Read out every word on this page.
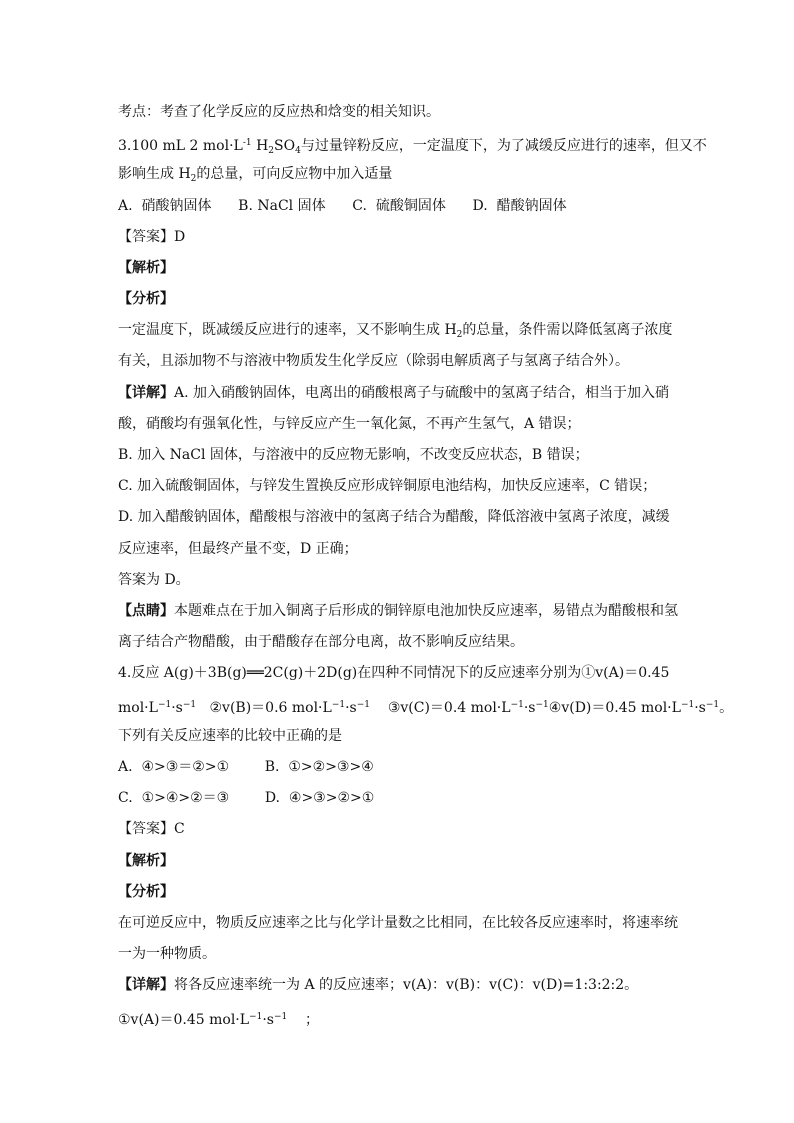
考点：考查了化学反应的反应热和焓变的相关知识。
3.100 mL 2 $mol\cdot L^{-1}$ $H_2SO_4$与过量锌粉反应，一定温度下，为了减缓反应进行的速率，但又不
影响生成 $H_2$的总量，可向反应物中加入适量
A.  硝酸钠固体      B. NaCl 固体      C.  硫酸铜固体      D.  醋酸钠固体
【答案】D
【解析】
【分析】
一定温度下，既减缓反应进行的速率，又不影响生成 $H_2$的总量，条件需以降低氢离子浓度
有关，且添加物不与溶液中物质发生化学反应（除弱电解质离子与氢离子结合外）。
【详解】A. 加入硝酸钠固体，电离出的硝酸根离子与硫酸中的氢离子结合，相当于加入硝
酸，硝酸均有强氧化性，与锌反应产生一氧化氮，不再产生氢气，A 错误；
B. 加入 NaCl 固体，与溶液中的反应物无影响，不改变反应状态，B 错误；
C. 加入硫酸铜固体，与锌发生置换反应形成锌铜原电池结构，加快反应速率，C 错误；
D. 加入醋酸钠固体，醋酸根与溶液中的氢离子结合为醋酸，降低溶液中氢离子浓度，减缓
反应速率，但最终产量不变，D 正确；
答案为 D。
【点睛】本题难点在于加入铜离子后形成的铜锌原电池加快反应速率，易错点为醋酸根和氢
离子结合产物醋酸，由于醋酸存在部分电离，故不影响反应结果。
4.反应 A(g)＋3B(g)══2C(g)＋2D(g)在四种不同情况下的反应速率分别为①v(A)＝0.45
$mol\cdot L^{-1}\cdot s^{-1}$   ②v(B)＝0.6 $mol\cdot L^{-1}\cdot s^{-1}$    ③v(C)＝0.4 $mol\cdot L^{-1}\cdot s^{-1}④v(D)=0.45$ $mol\cdot L^{-1}\cdot s^{-1}$。
下列有关反应速率的比较中正确的是
A.  ④>③＝②>①        B.  ①>②>③>④
C.  ①>④>②＝③        D.  ④>③>②>①
【答案】C
【解析】
【分析】
在可逆反应中，物质反应速率之比与化学计量数之比相同，在比较各反应速率时，将速率统
一为一种物质。
【详解】将各反应速率统一为 A 的反应速率；v(A)：v(B)：v(C)：v(D)=1:3:2:2。
①v(A)＝0.45 $mol\cdot L^{-1}\cdot s^{-1}$    ；
